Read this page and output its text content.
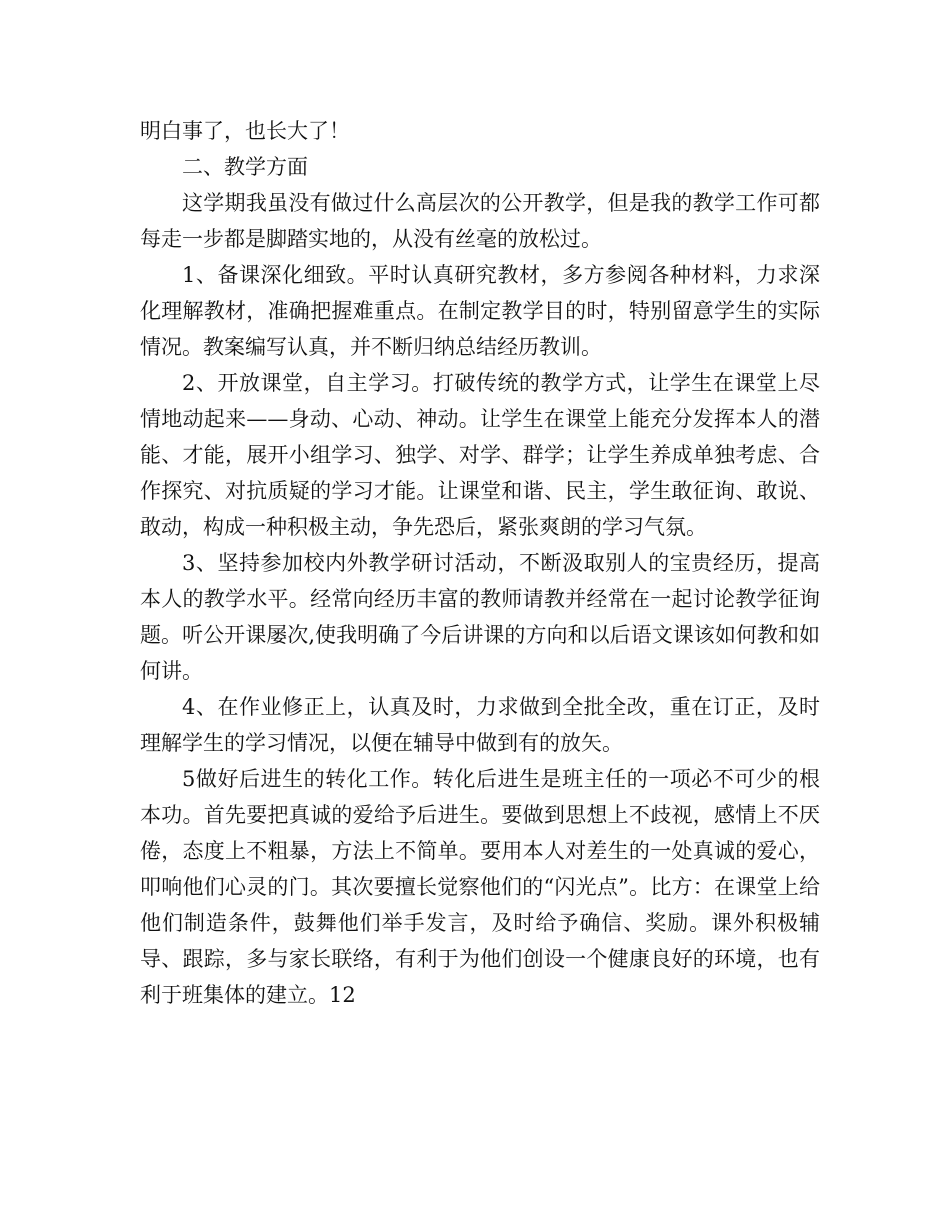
明白事了，也长大了！

二、教学方面

这学期我虽没有做过什么高层次的公开教学，但是我的教学工作可都每走一步都是脚踏实地的，从没有丝毫的放松过。

1、备课深化细致。平时认真研究教材，多方参阅各种材料，力求深化理解教材，准确把握难重点。在制定教学目的时，特别留意学生的实际情况。教案编写认真，并不断归纳总结经历教训。

2、开放课堂，自主学习。打破传统的教学方式，让学生在课堂上尽情地动起来——身动、心动、神动。让学生在课堂上能充分发挥本人的潜能、才能，展开小组学习、独学、对学、群学；让学生养成单独考虑、合作探究、对抗质疑的学习才能。让课堂和谐、民主，学生敢征询、敢说、敢动，构成一种积极主动，争先恐后，紧张爽朗的学习气氛。

3、坚持参加校内外教学研讨活动，不断汲取别人的宝贵经历，提高本人的教学水平。经常向经历丰富的教师请教并经常在一起讨论教学征询题。听公开课屡次,使我明确了今后讲课的方向和以后语文课该如何教和如何讲。

4、在作业修正上，认真及时，力求做到全批全改，重在订正，及时理解学生的学习情况，以便在辅导中做到有的放矢。

5做好后进生的转化工作。转化后进生是班主任的一项必不可少的根本功。首先要把真诚的爱给予后进生。要做到思想上不歧视，感情上不厌倦，态度上不粗暴，方法上不简单。要用本人对差生的一处真诚的爱心，叩响他们心灵的门。其次要擅长觉察他们的“闪光点”。比方：在课堂上给他们制造条件，鼓舞他们举手发言，及时给予确信、奖励。课外积极辅导、跟踪，多与家长联络，有利于为他们创设一个健康良好的环境，也有利于班集体的建立。12
